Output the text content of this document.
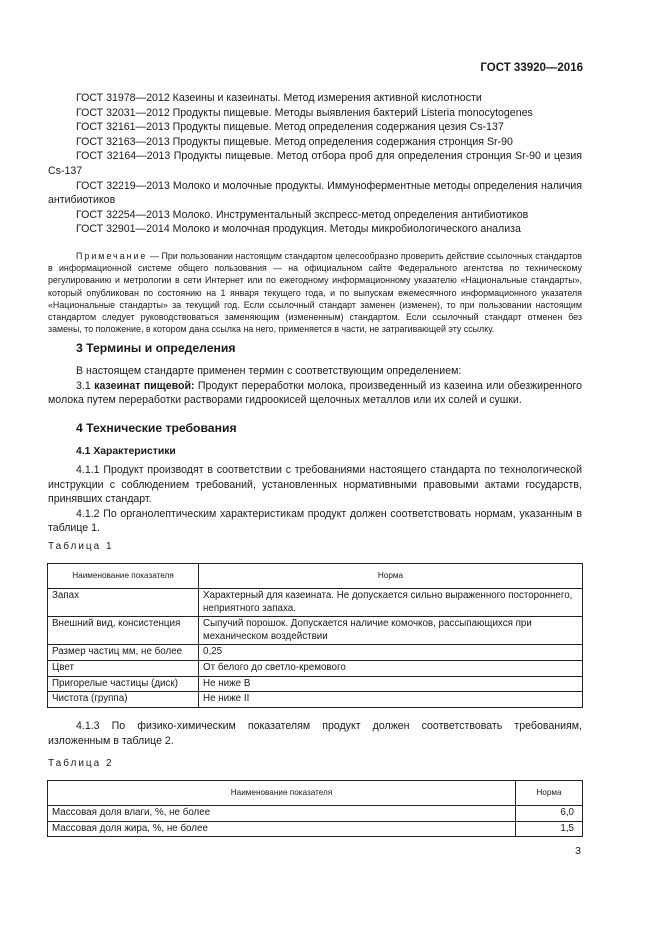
ГОСТ 33920—2016

ГОСТ 31978—2012 Казеины и казеинаты. Метод измерения активной кислотности

ГОСТ 32031—2012 Продукты пищевые. Методы выявления бактерий Listeria monocytogenes

ГОСТ 32161—2013 Продукты пищевые. Метод определения содержания цезия Cs-137

ГОСТ 32163—2013 Продукты пищевые. Метод определения содержания стронция Sr-90

ГОСТ 32164—2013 Продукты пищевые. Метод отбора проб для определения стронция Sr-90 и цезия Cs-137

ГОСТ 32219—2013 Молоко и молочные продукты. Иммуноферментные методы определения наличия антибиотиков

ГОСТ 32254—2013 Молоко. Инструментальный экспресс-метод определения антибиотиков

ГОСТ 32901—2014 Молоко и молочная продукция. Методы микробиологического анализа

Примечание — При пользовании настоящим стандартом целесообразно проверить действие ссылочных стандартов в информационной системе общего пользования — на официальном сайте Федерального агентства по техническому регулированию и метрологии в сети Интернет или по ежегодному информационному указателю «Национальные стандарты», который опубликован по состоянию на 1 января текущего года, и по выпускам ежемесячного информационного указателя «Национальные стандарты» за текущий год. Если ссылочный стандарт заменен (изменен), то при пользовании настоящим стандартом следует руководствоваться заменяющим (измененным) стандартом. Если ссылочный стандарт отменен без замены, то положение, в котором дана ссылка на него, применяется в части, не затрагивающей эту ссылку.

3 Термины и определения

В настоящем стандарте применен термин с соответствующим определением:

3.1 казеинат пищевой: Продукт переработки молока, произведенный из казеина или обезжиренного молока путем переработки растворами гидроокисей щелочных металлов или их солей и сушки.

4 Технические требования
4.1 Характеристики

4.1.1 Продукт производят в соответствии с требованиями настоящего стандарта по технологической инструкции с соблюдением требований, установленных нормативными правовыми актами государств, принявших стандарт.

4.1.2 По органолептическим характеристикам продукт должен соответствовать нормам, указанным в таблице 1.

Таблица 1
Наименование показателя	Норма
Запах	Характерный для казеината. Не допускается сильно выраженного постороннего, неприятного запаха.
Внешний вид, консистенция	Сыпучий порошок. Допускается наличие комочков, рассыпающихся при механическом воздействии
Размер частиц мм, не более	0,25
Цвет	От белого до светло-кремового
Пригорелые частицы (диск)	Не ниже В
Чистота (группа)	Не ниже II

4.1.3 По физико-химическим показателям продукт должен соответствовать требованиям, изложенным в таблице 2.

Таблица 2
Наименование показателя	Норма
Массовая доля влаги, %, не более	6,0
Массовая доля жира, %, не более	1,5
3
